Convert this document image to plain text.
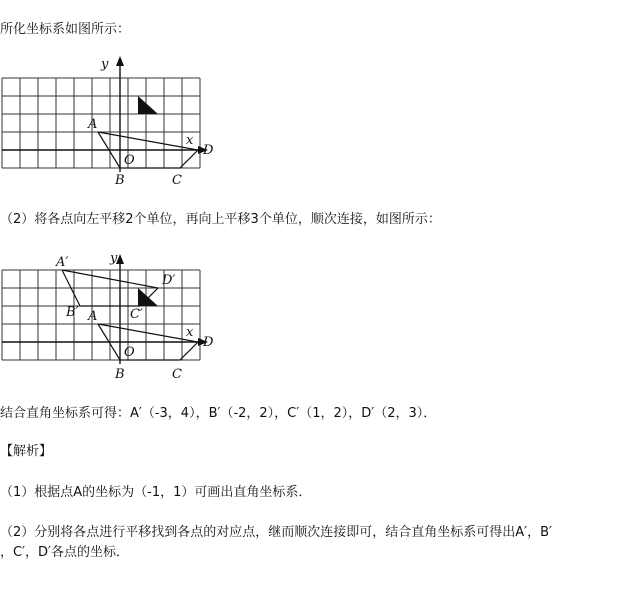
所化坐标系如图所示：
y
x
O
A
B	C
D
（2）将各点向左平移2个单位，再向上平移3个单位，顺次连接，如图所示：
y
x
O
A
B	C
D
A′
B′	C′
D′
结合直角坐标系可得：A′（-3，4），B′（-2，2），C′（1，2），D′（2，3）．
【解析】
（1）根据点A的坐标为（-1，1）可画出直角坐标系．
（2）分别将各点进行平移找到各点的对应点，继而顺次连接即可，结合直角坐标系可得出A′，B′
，C′，D′各点的坐标．
